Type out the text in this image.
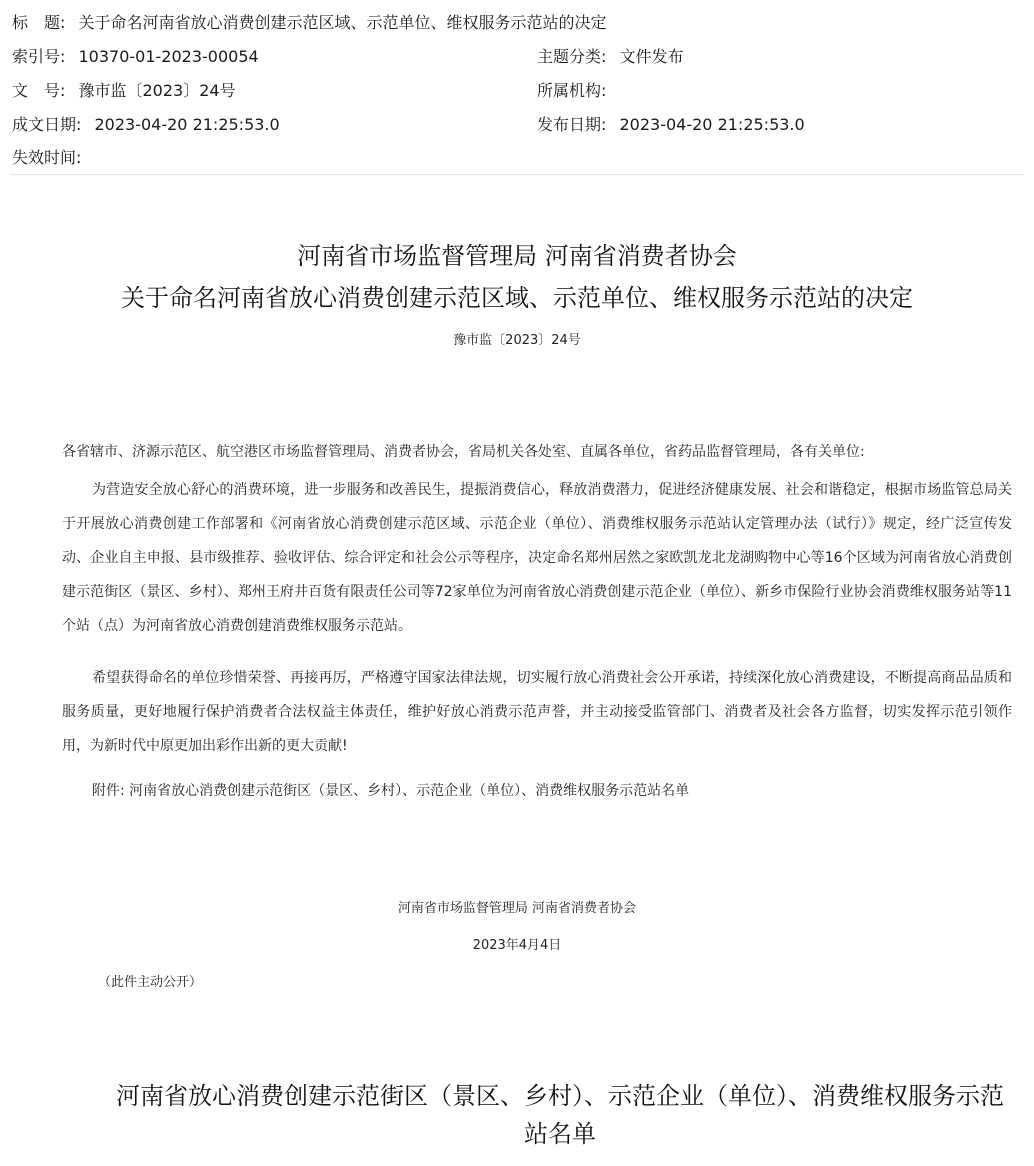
标　题: 关于命名河南省放心消费创建示范区域、示范单位、维权服务示范站的决定
索引号: 10370-01-2023-00054	主题分类: 文件发布
文　号: 豫市监〔2023〕24号	所属机构:
成文日期: 2023-04-20 21:25:53.0	发布日期: 2023-04-20 21:25:53.0
失效时间:
河南省市场监督管理局 河南省消费者协会
关于命名河南省放心消费创建示范区域、示范单位、维权服务示范站的决定
豫市监〔2023〕24号
各省辖市、济源示范区、航空港区市场监督管理局、消费者协会，省局机关各处室、直属各单位，省药品监督管理局，各有关单位:
为营造安全放心舒心的消费环境，进一步服务和改善民生，提振消费信心，释放消费潜力，促进经济健康发展、社会和谐稳定，根据市场监管总局关于开展放心消费创建工作部署和《河南省放心消费创建示范区域、示范企业（单位）、消费维权服务示范站认定管理办法（试行）》规定，经广泛宣传发动、企业自主申报、县市级推荐、验收评估、综合评定和社会公示等程序，决定命名郑州居然之家欧凯龙北龙湖购物中心等16个区域为河南省放心消费创建示范街区（景区、乡村）、郑州王府井百货有限责任公司等72家单位为河南省放心消费创建示范企业（单位）、新乡市保险行业协会消费维权服务站等11个站（点）为河南省放心消费创建消费维权服务示范站。
希望获得命名的单位珍惜荣誉、再接再厉，严格遵守国家法律法规，切实履行放心消费社会公开承诺，持续深化放心消费建设，不断提高商品品质和服务质量，更好地履行保护消费者合法权益主体责任，维护好放心消费示范声誉，并主动接受监管部门、消费者及社会各方监督，切实发挥示范引领作用，为新时代中原更加出彩作出新的更大贡献!
附件: 河南省放心消费创建示范街区（景区、乡村）、示范企业（单位）、消费维权服务示范站名单
河南省市场监督管理局 河南省消费者协会
2023年4月4日
（此件主动公开）
河南省放心消费创建示范街区（景区、乡村）、示范企业（单位）、消费维权服务示范站名单
